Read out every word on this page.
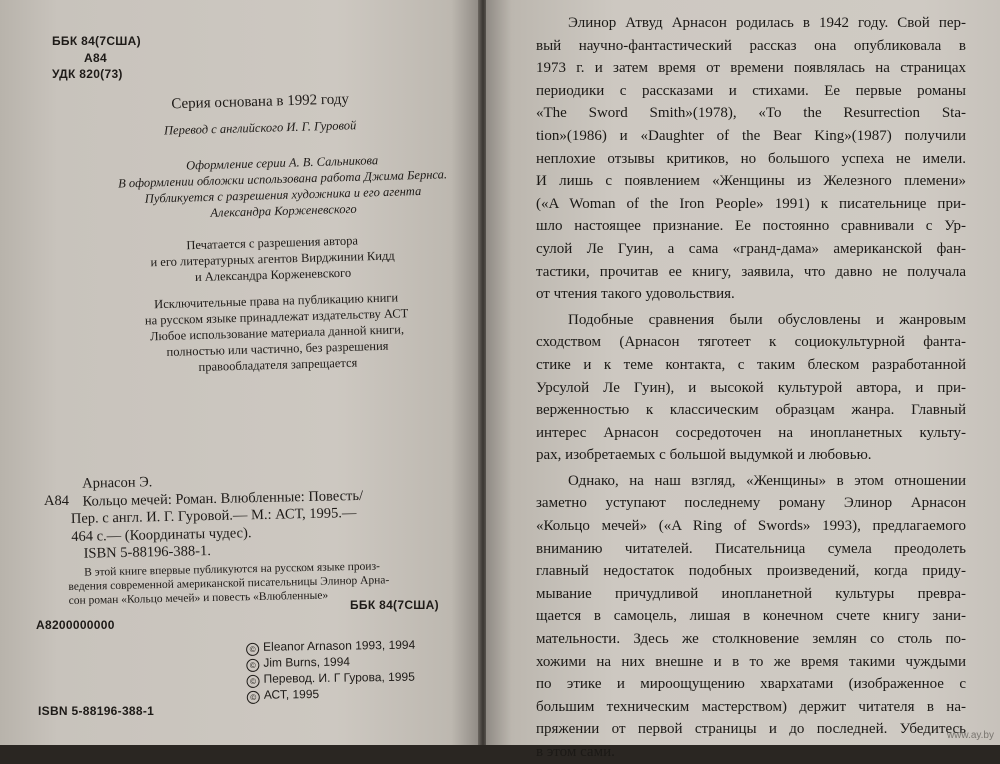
ББК 84(7США)
А84
УДК 820(73)
Серия основана в 1992 году
Перевод с английского И. Г. Гуровой
Оформление серии А. В. Сальникова
В оформлении обложки использована работа Джима Бернса.
Публикуется с разрешения художника и его агента
Александра Корженевского
Печатается с разрешения автора
и его литературных агентов Вирджинии Кидд
и Александра Корженевского
Исключительные права на публикацию книги
на русском языке принадлежат издательству АСТ
Любое использование материала данной книги,
полностью или частично, без разрешения
правообладателя запрещается
А84
Арнасон Э.
Кольцо мечей: Роман. Влюбленные: Повесть/
Пер. с англ. И. Г. Гуровой.— М.: АСТ, 1995.—
464 с.— (Координаты чудес).
ISBN 5-88196-388-1.
В этой книге впервые публикуются на русском языке произ-
ведения современной американской писательницы Элинор Арна-
сон роман «Кольцо мечей» и повесть «Влюбленные»	ББК 84(7США)
А8200000000
© Eleanor Arnason 1993, 1994
© Jim Burns, 1994
© Перевод. И. Г Гурова, 1995
© АСТ, 1995
ISBN 5-88196-388-1
Элинор Атвуд Арнасон родилась в 1942 году. Свой пер-
вый научно-фантастический рассказ она опубликовала в
1973 г. и затем время от времени появлялась на страницах
периодики с рассказами и стихами. Ее первые романы
«The Sword Smith»(1978), «To the Resurrection Sta-
tion»(1986) и «Daughter of the Bear King»(1987) получили
неплохие отзывы критиков, но большого успеха не имели.
И лишь с появлением «Женщины из Железного племени»
(«A Woman of the Iron People» 1991) к писательнице при-
шло настоящее признание. Ее постоянно сравнивали с Ур-
сулой Ле Гуин, а сама «гранд-дама» американской фан-
тастики, прочитав ее книгу, заявила, что давно не получала
от чтения такого удовольствия.
Подобные сравнения были обусловлены и жанровым
сходством (Арнасон тяготеет к социокультурной фанта-
стике и к теме контакта, с таким блеском разработанной
Урсулой Ле Гуин), и высокой культурой автора, и при-
верженностью к классическим образцам жанра. Главный
интерес Арнасон сосредоточен на инопланетных культу-
рах, изобретаемых с большой выдумкой и любовью.
Однако, на наш взгляд, «Женщины» в этом отношении
заметно уступают последнему роману Элинор Арнасон
«Кольцо мечей» («A Ring of Swords» 1993), предлагаемого
вниманию читателей. Писательница сумела преодолеть
главный недостаток подобных произведений, когда приду-
мывание причудливой инопланетной культуры превра-
щается в самоцель, лишая в конечном счете книгу зани-
мательности. Здесь же столкновение землян со столь по-
хожими на них внешне и в то же время такими чуждыми
по этике и мироощущению хвархатами (изображенное с
большим техническим мастерством) держит читателя в на-
пряжении от первой страницы и до последней. Убедитесь
в этом сами.
www.ay.by
